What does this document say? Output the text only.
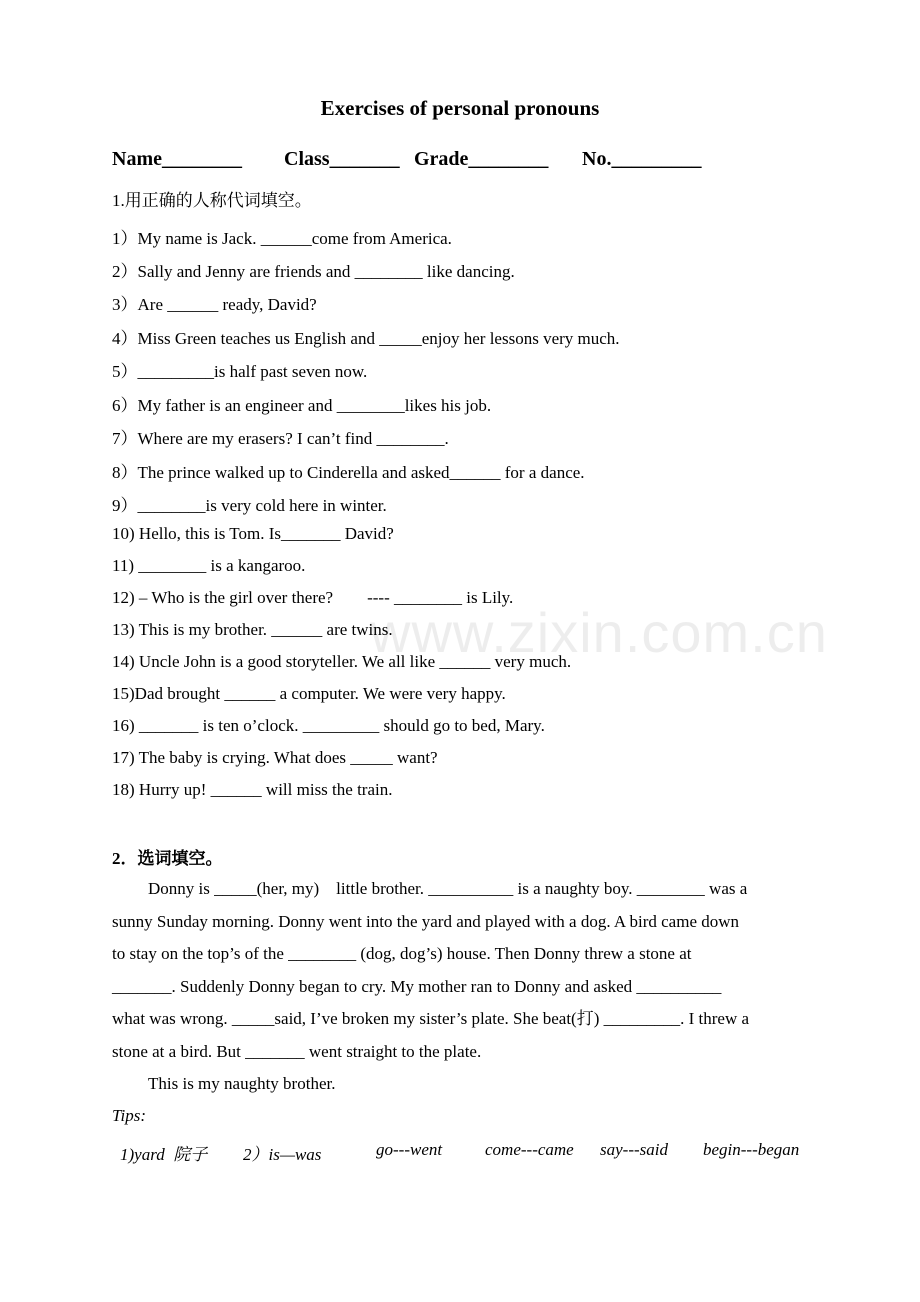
Exercises of personal pronouns
Name________ Class_______ Grade________ No._________
1.用正确的人称代词填空。
1）My name is Jack. ______come from America.
2）Sally and Jenny are friends and ________ like dancing.
3）Are ______ ready, David?
4）Miss Green teaches us English and _____enjoy her lessons very much.
5）_________is half past seven now.
6）My father is an engineer and ________likes his job.
7）Where are my erasers? I can’t find ________.
8）The prince walked up to Cinderella and asked______ for a dance.
9）________is very cold here in winter.
10) Hello, this is Tom. Is_______ David?
11) ________ is a kangaroo.
12) – Who is the girl over there?        ---- ________ is Lily.
13) This is my brother. ______ are twins.
14) Uncle John is a good storyteller. We all like ______ very much.
15)Dad brought ______ a computer. We were very happy.
16) _______ is ten o’clock. _________ should go to bed, Mary.
17) The baby is crying. What does _____ want?
18) Hurry up! ______ will miss the train.
2．选词填空。
Donny is _____(her, my)    little brother. __________ is a naughty boy. ________ was a
sunny Sunday morning. Donny went into the yard and played with a dog. A bird came down
to stay on the top’s of the ________ (dog, dog’s) house. Then Donny threw a stone at
_______. Suddenly Donny began to cry. My mother ran to Donny and asked __________
what was wrong. _____said, I’ve broken my sister’s plate. She beat(打) _________. I threw a
stone at a bird. But _______ went straight to the plate.
This is my naughty brother.
Tips:
1)yard  院子 2）is—was	go---went	come---came say---said begin---began
www.zixin.com.cn
